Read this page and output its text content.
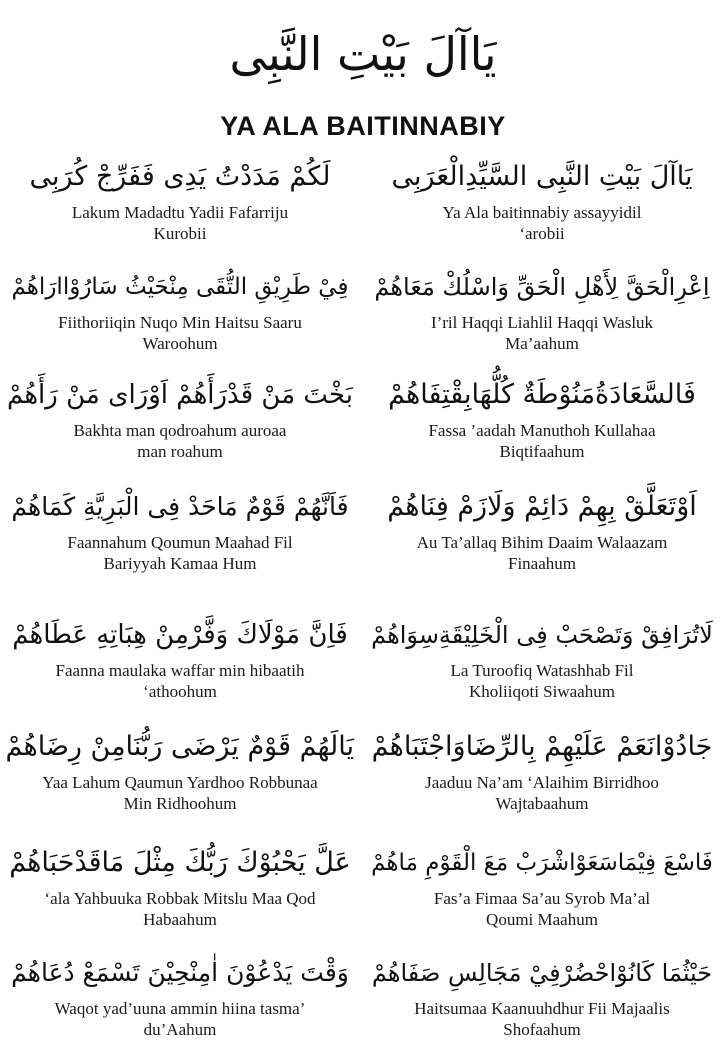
يَاآلَ بَيْتِ النَّبِى
YA ALA BAITINNABIY
يَاآلَ بَيْتِ النَّبِى السَّيِّدِالْعَرَبِى
Ya Ala baitinnabiy assayyidil
‘arobii
لَكُمْ مَدَدْتُ يَدِى فَفَرِّجْ كُرَبِى
Lakum Madadtu Yadii Fafarriju
Kurobii
اِعْرِالْحَقَّ لِأَهْلِ الْحَقِّ وَاسْلُكْ مَعَاهُمْ
I’ril Haqqi Liahlil Haqqi Wasluk
Ma’aahum
فِيْ طَرِيْقِ التُّقَى مِنْحَيْثُ سَارُوْاارَاهُمْ
Fiithoriiqin Nuqo Min Haitsu Saaru
Waroohum
فَالسَّعَادَةُمَنُوْطَةٌ كُلُّهَابِقْتِفَاهُمْ
Fassa ’aadah Manuthoh Kullahaa
Biqtifaahum
بَخْتَ مَنْ قَدْرَأَهُمْ اَوْرَاى مَنْ رَأَهُمْ
Bakhta man qodroahum auroaa
man roahum
اَوْتَعَلَّقْ بِهِمْ دَائِمْ وَلَازَمْ فِنَاهُمْ
Au Ta’allaq Bihim Daaim Walaazam
Finaahum
فَاَنَّهُمْ قَوْمٌ مَاحَدْ فِى الْبَرِيَّةِ كَمَاهُمْ
Faannahum Qoumun Maahad Fil
Bariyyah Kamaa Hum
لَاتُرَافِقْ وَتَصْحَبْ فِى الْخَلِيْقَةِسِوَاهُمْ
La Turoofiq Watashhab Fil
Kholiiqoti Siwaahum
فَاِنَّ مَوْلَاكَ وَفَّرْمِنْ هِبَاتِهِ عَطَاهُمْ
Faanna maulaka waffar min hibaatih
‘athoohum
جَادُوْانَعَمْ عَلَيْهِمْ بِالرِّضَاوَاجْتَبَاهُمْ
Jaaduu Na’am ‘Alaihim Birridhoo
Wajtabaahum
يَالَهُمْ قَوْمٌ يَرْضَى رَبُّنَامِنْ رِضَاهُمْ
Yaa Lahum Qaumun Yardhoo Robbunaa
Min Ridhoohum
فَاسْعَ فِيْمَاسَعَوْاشْرَبْ مَعَ الْقَوْمِ مَاهُمْ
Fas’a Fimaa Sa’au Syrob Ma’al
Qoumi Maahum
عَلَّ يَحْبُوْكَ رَبُّكَ مِثْلَ مَاقَدْحَبَاهُمْ
‘ala Yahbuuka Robbak Mitslu Maa Qod
Habaahum
حَيْثُمَا كَانُوْاحْضُرْفِيْ مَجَالِسِ صَفَاهُمْ
Haitsumaa Kaanuuhdhur Fii Majaalis
Shofaahum
وَقْتَ يَدْعُوْنَ اٰمِنْحِيْنَ تَسْمَعْ دُعَاهُمْ
Waqot yad’uuna ammin hiina tasma’
du’Aahum
